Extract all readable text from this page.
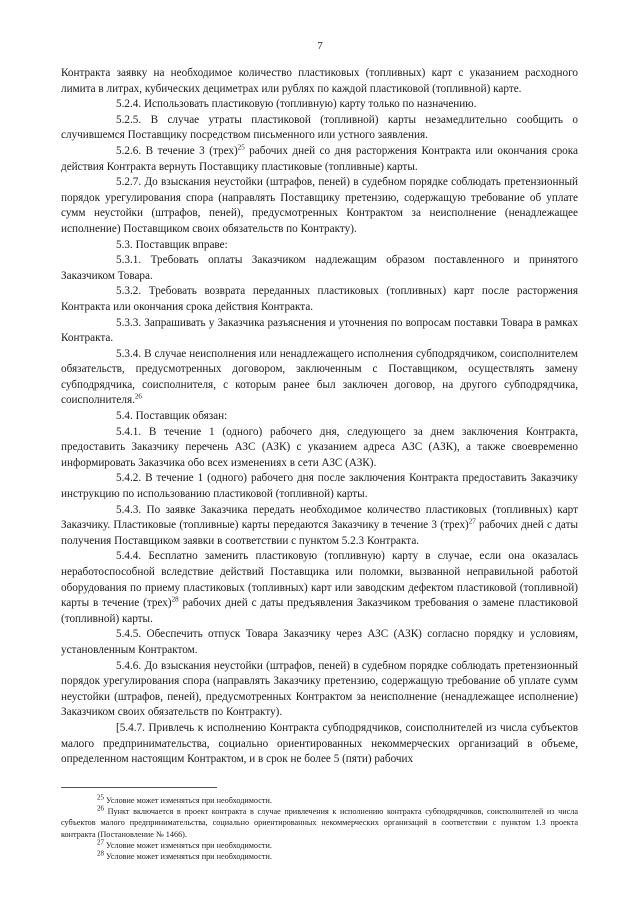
7

Контракта заявку на необходимое количество пластиковых (топливных) карт с указанием расходного лимита в литрах, кубических дециметрах или рублях по каждой пластиковой (топливной) карте.

5.2.4. Использовать пластиковую (топливную) карту только по назначению.

5.2.5. В случае утраты пластиковой (топливной) карты незамедлительно сообщить о случившемся Поставщику посредством письменного или устного заявления.

5.2.6. В течение 3 (трех)$^{25}$ рабочих дней со дня расторжения Контракта или окончания срока действия Контракта вернуть Поставщику пластиковые (топливные) карты.

5.2.7. До взыскания неустойки (штрафов, пеней) в судебном порядке соблюдать претензионный порядок урегулирования спора (направлять Поставщику претензию, содержащую требование об уплате сумм неустойки (штрафов, пеней), предусмотренных Контрактом за неисполнение (ненадлежащее исполнение) Поставщиком своих обязательств по Контракту).

5.3. Поставщик вправе:

5.3.1. Требовать оплаты Заказчиком надлежащим образом поставленного и принятого Заказчиком Товара.

5.3.2. Требовать возврата переданных пластиковых (топливных) карт после расторжения Контракта или окончания срока действия Контракта.

5.3.3. Запрашивать у Заказчика разъяснения и уточнения по вопросам поставки Товара в рамках Контракта.

5.3.4. В случае неисполнения или ненадлежащего исполнения субподрядчиком, соисполнителем обязательств, предусмотренных договором, заключенным с Поставщиком, осуществлять замену субподрядчика, соисполнителя, с которым ранее был заключен договор, на другого субподрядчика, соисполнителя.$^{26}$

5.4. Поставщик обязан:

5.4.1. В течение 1 (одного) рабочего дня, следующего за днем заключения Контракта, предоставить Заказчику перечень АЗС (АЗК) с указанием адреса АЗС (АЗК), а также своевременно информировать Заказчика обо всех изменениях в сети АЗС (АЗК).

5.4.2. В течение 1 (одного) рабочего дня после заключения Контракта предоставить Заказчику инструкцию по использованию пластиковой (топливной) карты.

5.4.3. По заявке Заказчика передать необходимое количество пластиковых (топливных) карт Заказчику. Пластиковые (топливные) карты передаются Заказчику в течение 3 (трех)$^{27}$ рабочих дней с даты получения Поставщиком заявки в соответствии с пунктом 5.2.3 Контракта.

5.4.4. Бесплатно заменить пластиковую (топливную) карту в случае, если она оказалась неработоспособной вследствие действий Поставщика или поломки, вызванной неправильной работой оборудования по приему пластиковых (топливных) карт или заводским дефектом пластиковой (топливной) карты в течение (трех)$^{28}$ рабочих дней с даты предъявления Заказчиком требования о замене пластиковой (топливной) карты.

5.4.5. Обеспечить отпуск Товара Заказчику через АЗС (АЗК) согласно порядку и условиям, установленным Контрактом.

5.4.6. До взыскания неустойки (штрафов, пеней) в судебном порядке соблюдать претензионный порядок урегулирования спора (направлять Заказчику претензию, содержащую требование об уплате сумм неустойки (штрафов, пеней), предусмотренных Контрактом за неисполнение (ненадлежащее исполнение) Заказчиком своих обязательств по Контракту).

[5.4.7. Привлечь к исполнению Контракта субподрядчиков, соисполнителей из числа субъектов малого предпринимательства, социально ориентированных некоммерческих организаций в объеме, определенном настоящим Контрактом, и в срок не более 5 (пяти) рабочих

$^{25}$ Условие может изменяться при необходимости.

$^{26}$ Пункт включается в проект контракта в случае привлечения к исполнению контракта субподрядчиков, соисполнителей из числа субъектов малого предпринимательства, социально ориентированных некоммерческих организаций в соответствии с пунктом 1.3 проекта контракта (Постановление № 1466).

$^{27}$ Условие может изменяться при необходимости.

$^{28}$ Условие может изменяться при необходимости.
